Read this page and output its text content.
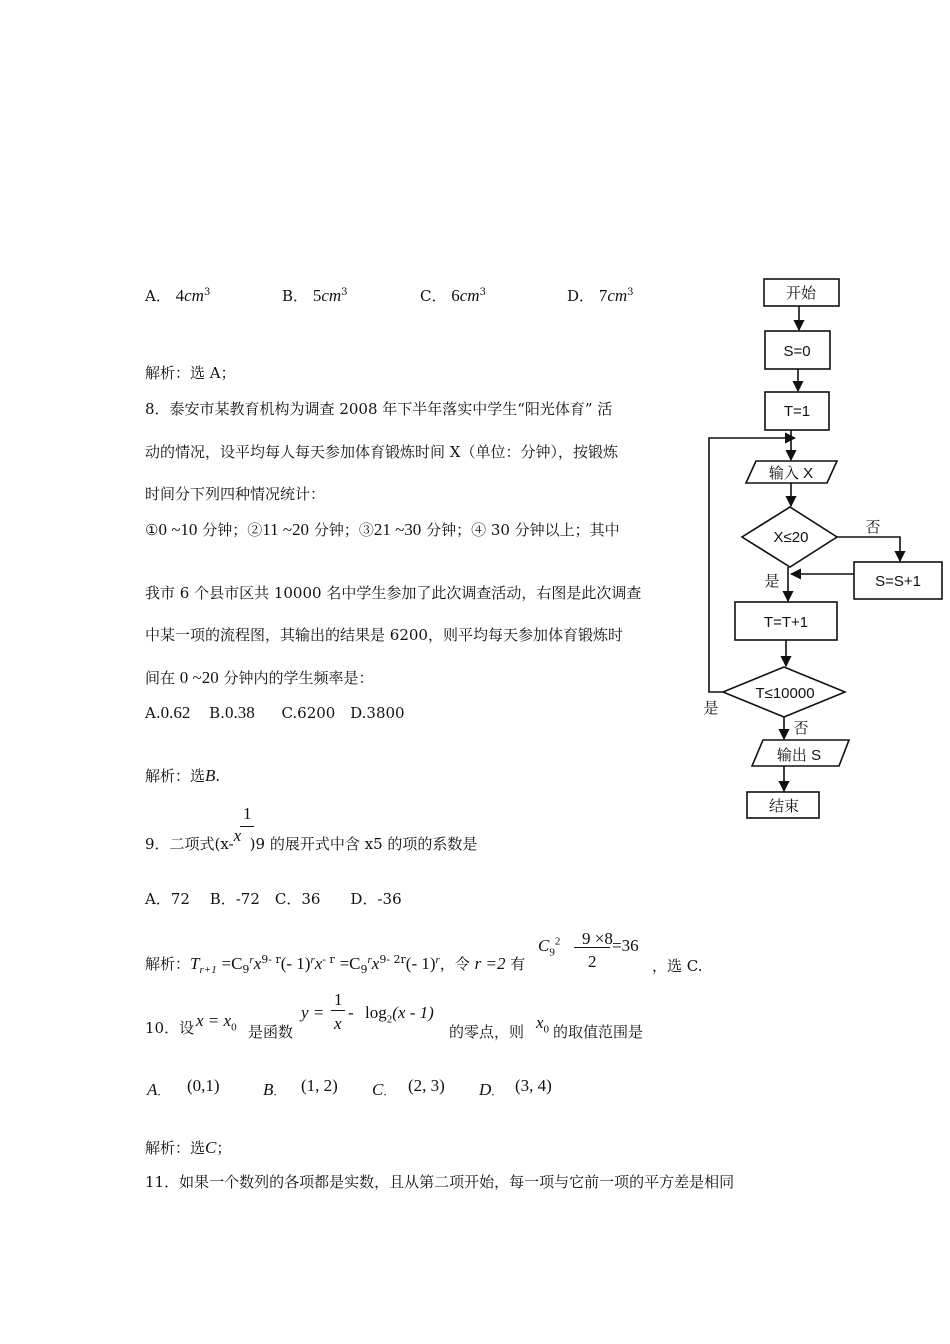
A． $4cm^3$	B． $5cm^3$	C． $6cm^3$	D． $7cm^3$
解析：选 A；
8．泰安市某教育机构为调查 2008 年下半年落实中学生“阳光体育” 活
动的情况，设平均每人每天参加体育锻炼时间 X（单位：分钟），按锻炼
时间分下列四种情况统计：
①0 ~10 分钟；②11 ~20 分钟；③21 ~30 分钟；④ 30 分钟以上；其中
我市 6 个县市区共 10000 名中学生参加了此次调查活动，右图是此次调查
中某一项的流程图，其输出的结果是 6200，则平均每天参加体育锻炼时
间在 0 ~20 分钟内的学生频率是：
A.0.62 B.0.38 C.6200 D.3800
解析：选B.
1
9．二项式(x-x )9 的展开式中含 x5 的项的系数是
A．72 　B．-72　C．36　　D．-36
解析：$T_{r+1} =C_9^rx^{9- r}(-$ $1)^rx^{- r} =C_9^rx^{9- 2r}(-$ 1)$^r$，令 r =2 有
$C_9^2$ 9 ×8
2
=36
，选 C.
10．设 $x = x_0$ 是函数
y =
1
x
- $\log_2(x - 1)$
的零点，则 $x_0$ 的取值范围是
A． (0,1)	B． (1, 2) C． (2, 3) D． (3, 4)
解析：选C；
11．如果一个数列的各项都是实数，且从第二项开始，每一项与它前一项的平方差是相同
开始
S=0
T=1
输入 X
X≤20
否
是	S=S+1
T=T+1
T≤10000
是
否
输出 S
结束
